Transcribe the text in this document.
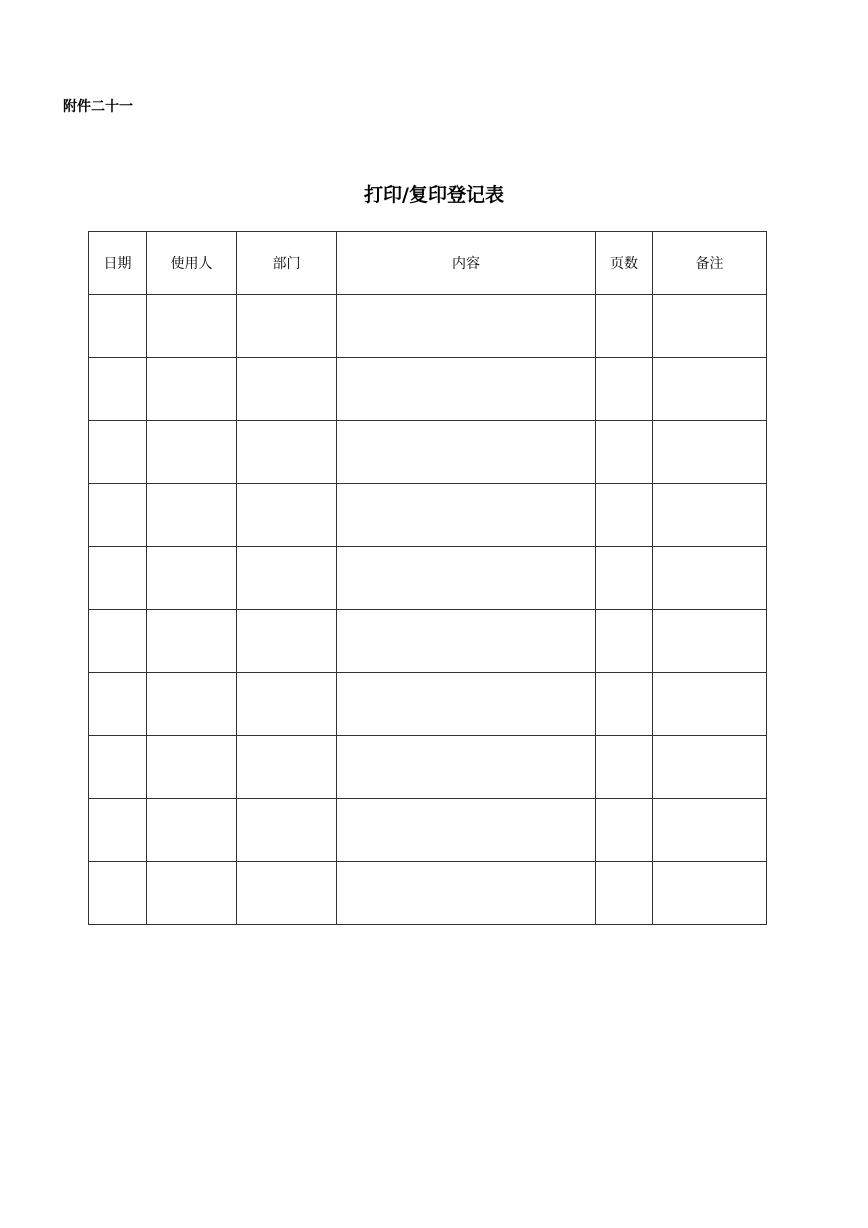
附件二十一
打印/复印登记表
日期	使用人	部门	内容	页数	备注
